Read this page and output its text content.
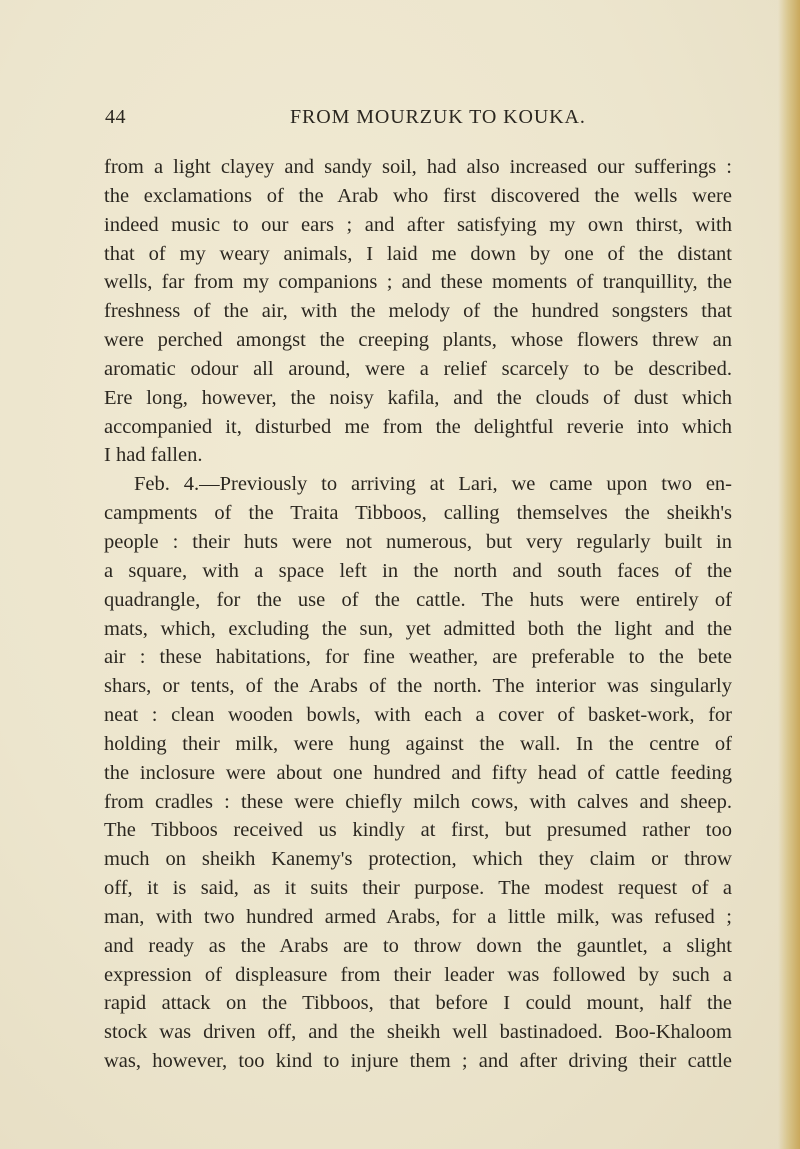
44	FROM MOURZUK TO KOUKA.
from a light clayey and sandy soil, had also increased our sufferings :
the exclamations of the Arab who first discovered the wells were
indeed music to our ears ; and after satisfying my own thirst, with
that of my weary animals, I laid me down by one of the distant
wells, far from my companions ; and these moments of tranquillity, the
freshness of the air, with the melody of the hundred songsters that
were perched amongst the creeping plants, whose flowers threw an
aromatic odour all around, were a relief scarcely to be described.
Ere long, however, the noisy kafila, and the clouds of dust which
accompanied it, disturbed me from the delightful reverie into which
I had fallen.
Feb. 4.—Previously to arriving at Lari, we came upon two en-
campments of the Traita Tibboos, calling themselves the sheikh's
people : their huts were not numerous, but very regularly built in
a square, with a space left in the north and south faces of the
quadrangle, for the use of the cattle. The huts were entirely of
mats, which, excluding the sun, yet admitted both the light and the
air : these habitations, for fine weather, are preferable to the bete
shars, or tents, of the Arabs of the north. The interior was singularly
neat : clean wooden bowls, with each a cover of basket-work, for
holding their milk, were hung against the wall. In the centre of
the inclosure were about one hundred and fifty head of cattle feeding
from cradles : these were chiefly milch cows, with calves and sheep.
The Tibboos received us kindly at first, but presumed rather too
much on sheikh Kanemy's protection, which they claim or throw
off, it is said, as it suits their purpose. The modest request of a
man, with two hundred armed Arabs, for a little milk, was refused ;
and ready as the Arabs are to throw down the gauntlet, a slight
expression of displeasure from their leader was followed by such a
rapid attack on the Tibboos, that before I could mount, half the
stock was driven off, and the sheikh well bastinadoed. Boo-Khaloom
was, however, too kind to injure them ; and after driving their cattle
